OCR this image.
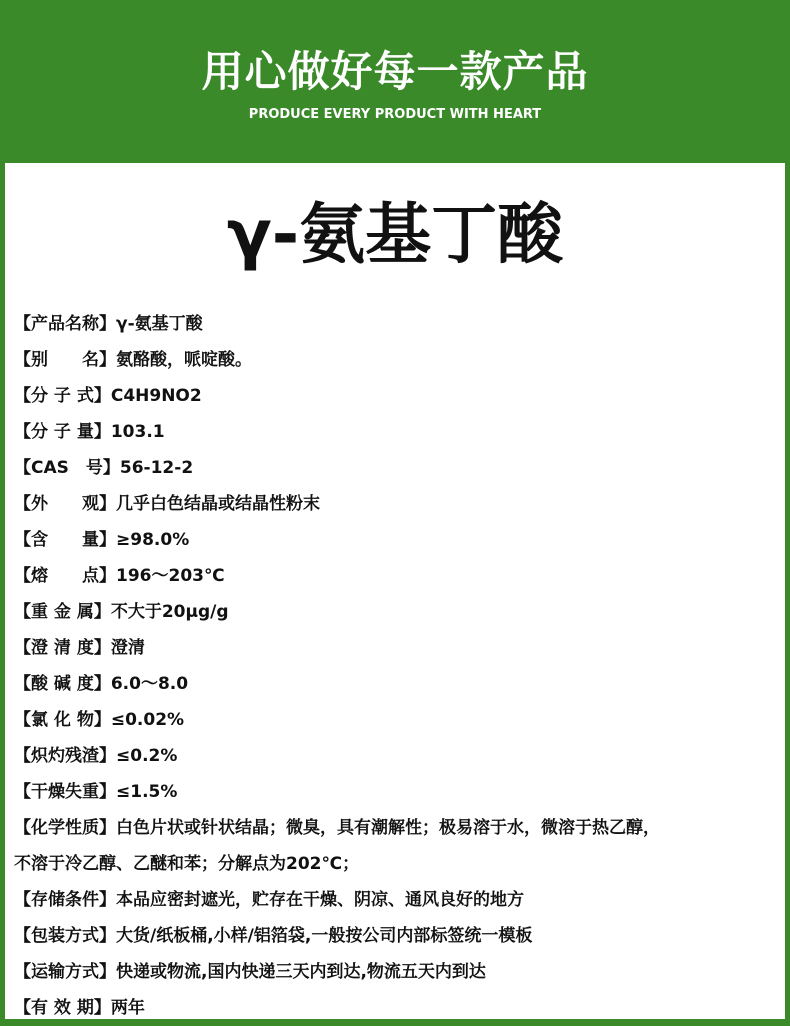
用心做好每一款产品
PRODUCE EVERY PRODUCT WITH HEART
γ-氨基丁酸
【产品名称】γ-氨基丁酸
【别　　名】氨酪酸，哌啶酸。
【分 子 式】C4H9NO2
【分 子 量】103.1
【CAS　号】56-12-2
【外　　观】几乎白色结晶或结晶性粉末
【含　　量】≥98.0%
【熔　　点】196～203℃
【重 金 属】不大于20μg/g
【澄 清 度】澄清
【酸 碱 度】6.0～8.0
【氯 化 物】≤0.02%
【炽灼残渣】≤0.2%
【干燥失重】≤1.5%
【化学性质】白色片状或针状结晶；微臭，具有潮解性；极易溶于水，微溶于热乙醇，
不溶于冷乙醇、乙醚和苯；分解点为202℃；
【存储条件】本品应密封遮光，贮存在干燥、阴凉、通风良好的地方
【包装方式】大货/纸板桶,小样/铝箔袋,一般按公司内部标签统一模板
【运输方式】快递或物流,国内快递三天内到达,物流五天内到达
【有 效 期】两年
